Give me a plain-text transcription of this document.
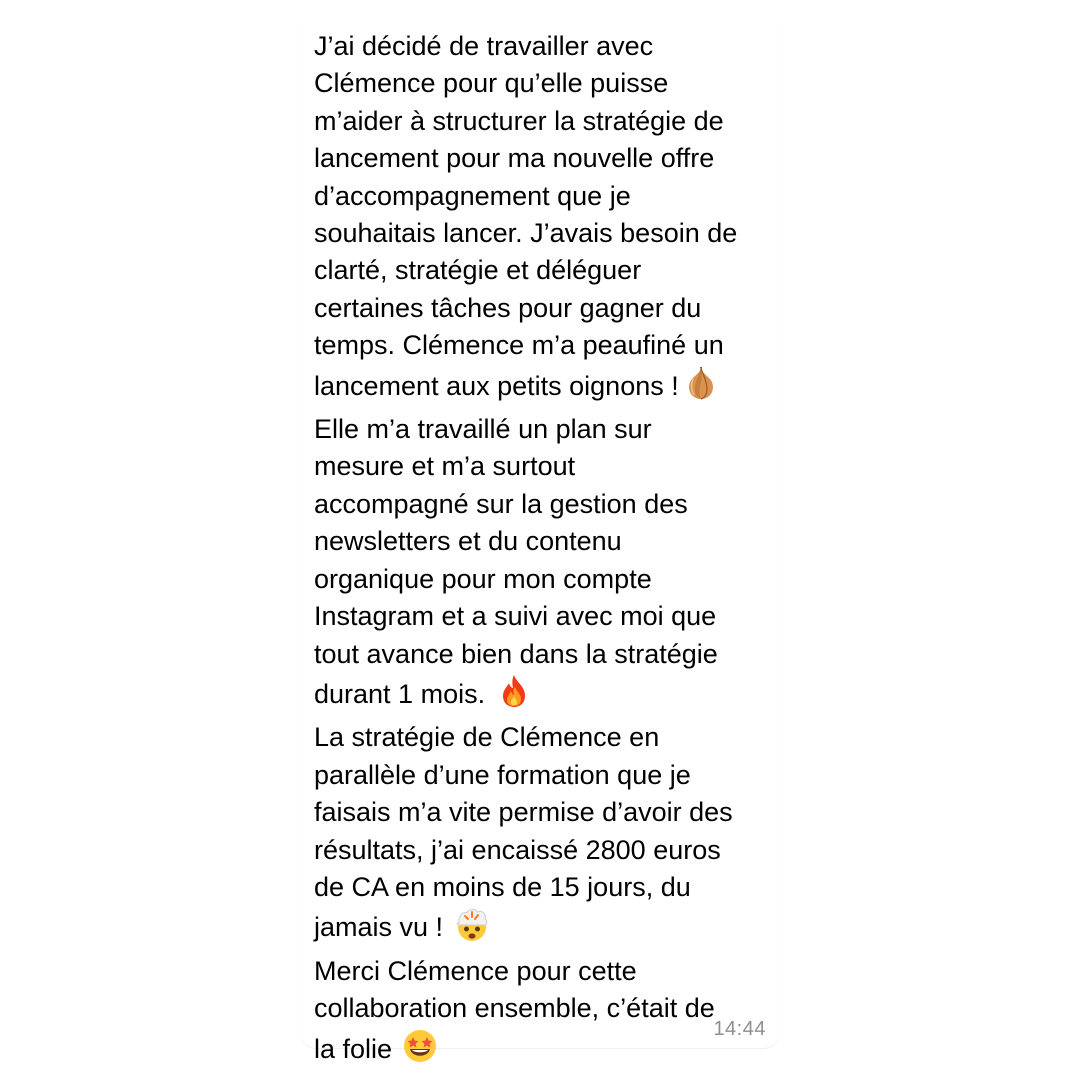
J’ai décidé de travailler avec
Clémence pour qu’elle puisse
m’aider à structurer la stratégie de
lancement pour ma nouvelle offre
d’accompagnement que je
souhaitais lancer. J’avais besoin de
clarté, stratégie et déléguer
certaines tâches pour gagner du
temps. Clémence m’a peaufiné un
lancement aux petits oignons !
Elle m’a travaillé un plan sur
mesure et m’a surtout
accompagné sur la gestion des
newsletters et du contenu
organique pour mon compte
Instagram et a suivi avec moi que
tout avance bien dans la stratégie
durant 1 mois.
La stratégie de Clémence en
parallèle d’une formation que je
faisais m’a vite permise d’avoir des
résultats, j’ai encaissé 2800 euros
de CA en moins de 15 jours, du
jamais vu !
Merci Clémence pour cette
collaboration ensemble, c’était de
la folie
14:44
